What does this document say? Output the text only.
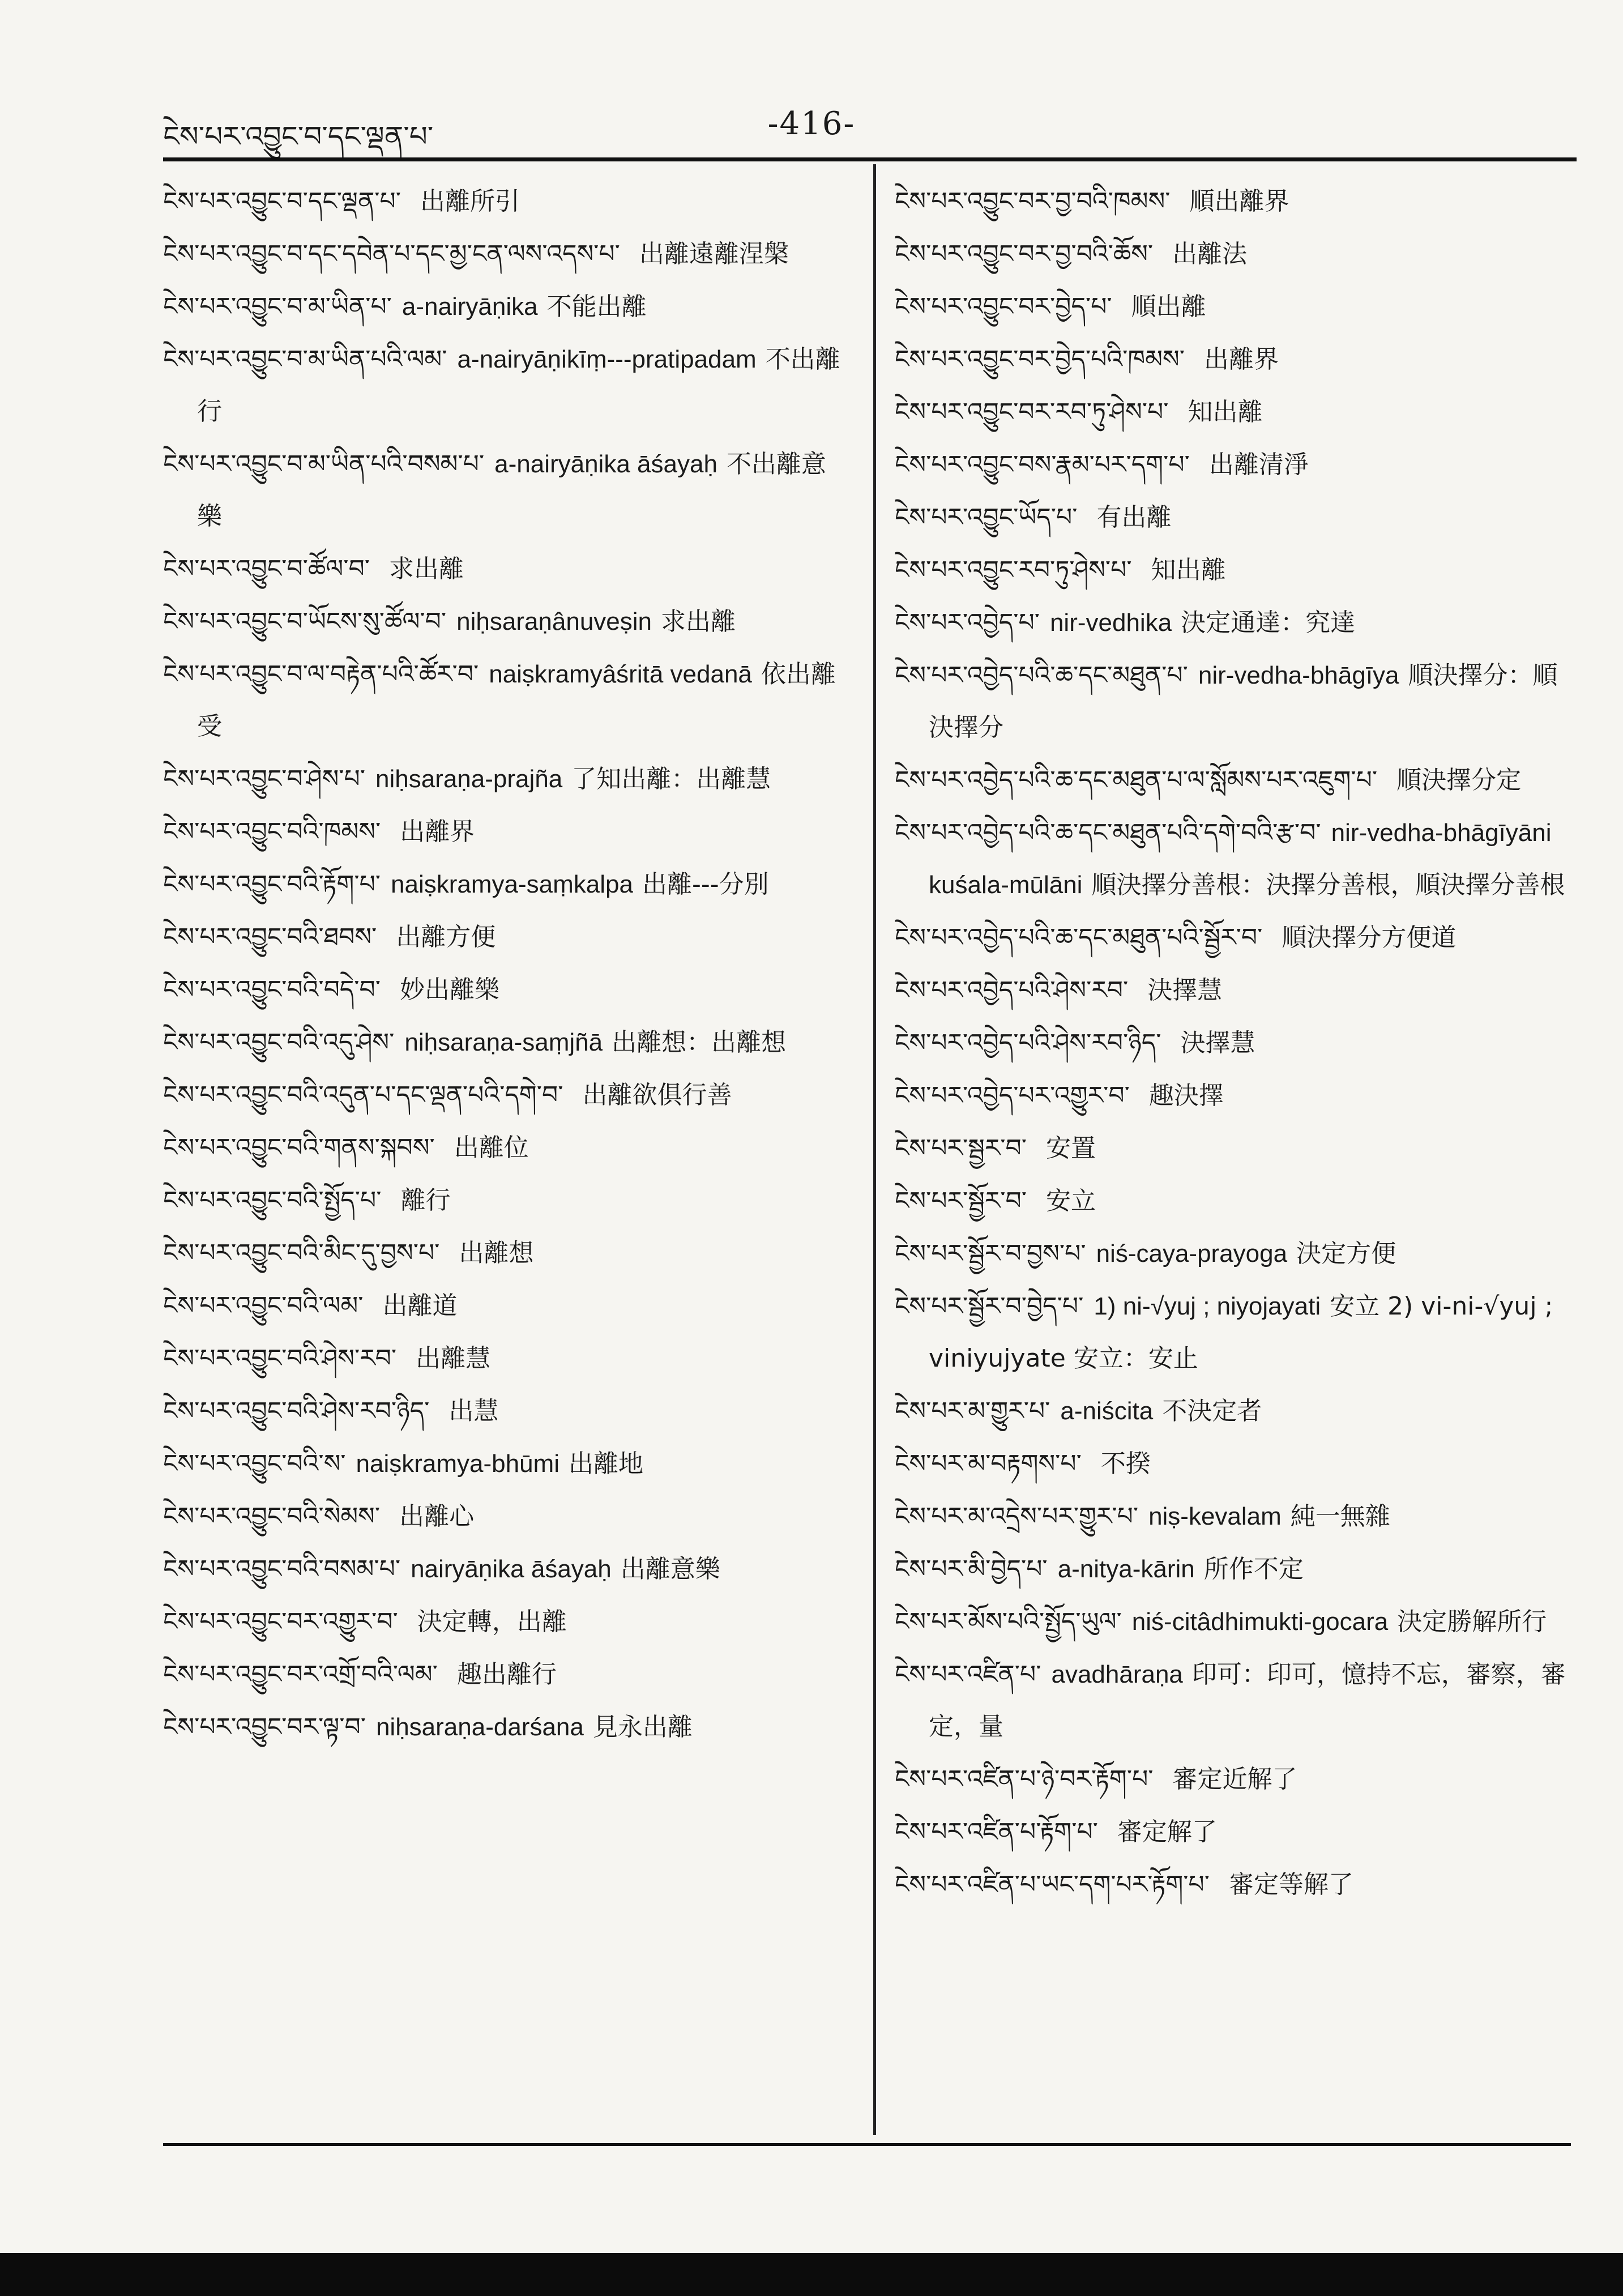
ངེས་པར་འབྱུང་བ་དང་ལྡན་པ་	-416-
ངེས་པར་འབྱུང་བ་དང་ལྡན་པ་ 出離所引
ངེས་པར་འབྱུང་བ་དང་དབེན་པ་དང་མྱ་ངན་ལས་འདས་པ་ 出離遠離涅槃
ངེས་པར་འབྱུང་བ་མ་ཡིན་པ་ a-nairyāṇika 不能出離
ངེས་པར་འབྱུང་བ་མ་ཡིན་པའི་ལམ་ a-nairyāṇikīṃ---pratipadam 不出離行
ངེས་པར་འབྱུང་བ་མ་ཡིན་པའི་བསམ་པ་ a-nairyāṇika āśayaḥ 不出離意樂
ངེས་པར་འབྱུང་བ་ཚོལ་བ་ 求出離
ངེས་པར་འབྱུང་བ་ཡོངས་སུ་ཚོལ་བ་ niḥsaraṇânuveṣin 求出離
ངེས་པར་འབྱུང་བ་ལ་བརྟེན་པའི་ཚོར་བ་ naiṣkramyâśritā vedanā 依出離受
ངེས་པར་འབྱུང་བ་ཤེས་པ་ niḥsaraṇa-prajña 了知出離：出離慧
ངེས་པར་འབྱུང་བའི་ཁམས་ 出離界
ངེས་པར་འབྱུང་བའི་རྟོག་པ་ naiṣkramya-saṃkalpa 出離---分別
ངེས་པར་འབྱུང་བའི་ཐབས་ 出離方便
ངེས་པར་འབྱུང་བའི་བདེ་བ་ 妙出離樂
ངེས་པར་འབྱུང་བའི་འདུ་ཤེས་ niḥsaraṇa-saṃjñā 出離想：出離想
ངེས་པར་འབྱུང་བའི་འདུན་པ་དང་ལྡན་པའི་དགེ་བ་ 出離欲俱行善
ངེས་པར་འབྱུང་བའི་གནས་སྐབས་ 出離位
ངེས་པར་འབྱུང་བའི་སྤྱོད་པ་ 離行
ངེས་པར་འབྱུང་བའི་མིང་དུ་བྱས་པ་ 出離想
ངེས་པར་འབྱུང་བའི་ལམ་ 出離道
ངེས་པར་འབྱུང་བའི་ཤེས་རབ་ 出離慧
ངེས་པར་འབྱུང་བའི་ཤེས་རབ་ཉིད་ 出慧
ངེས་པར་འབྱུང་བའི་ས་ naiṣkramya-bhūmi 出離地
ངེས་པར་འབྱུང་བའི་སེམས་ 出離心
ངེས་པར་འབྱུང་བའི་བསམ་པ་ nairyāṇika āśayaḥ 出離意樂
ངེས་པར་འབྱུང་བར་འགྱུར་བ་ 決定轉，出離
ངེས་པར་འབྱུང་བར་འགྲོ་བའི་ལམ་ 趣出離行
ངེས་པར་འབྱུང་བར་ལྟ་བ་ niḥsaraṇa-darśana 見永出離
ངེས་པར་འབྱུང་བར་བྱ་བའི་ཁམས་ 順出離界
ངེས་པར་འབྱུང་བར་བྱ་བའི་ཆོས་ 出離法
ངེས་པར་འབྱུང་བར་བྱེད་པ་ 順出離
ངེས་པར་འབྱུང་བར་བྱེད་པའི་ཁམས་ 出離界
ངེས་པར་འབྱུང་བར་རབ་ཏུ་ཤེས་པ་ 知出離
ངེས་པར་འབྱུང་བས་རྣམ་པར་དག་པ་ 出離清淨
ངེས་པར་འབྱུང་ཡོད་པ་ 有出離
ངེས་པར་འབྱུང་རབ་ཏུ་ཤེས་པ་ 知出離
ངེས་པར་འབྱེད་པ་ nir-vedhika 決定通達：究達
ངེས་པར་འབྱེད་པའི་ཆ་དང་མཐུན་པ་ nir-vedha-bhāgīya 順決擇分：順決擇分
ངེས་པར་འབྱེད་པའི་ཆ་དང་མཐུན་པ་ལ་སློམས་པར་འཇུག་པ་ 順決擇分定
ངེས་པར་འབྱེད་པའི་ཆ་དང་མཐུན་པའི་དགེ་བའི་རྩ་བ་ nir-vedha-bhāgīyāni kuśala-mūlāni 順決擇分善根：決擇分善根，順決擇分善根
ངེས་པར་འབྱེད་པའི་ཆ་དང་མཐུན་པའི་སྦྱོར་བ་ 順決擇分方便道
ངེས་པར་འབྱེད་པའི་ཤེས་རབ་ 決擇慧
ངེས་པར་འབྱེད་པའི་ཤེས་རབ་ཉིད་ 決擇慧
ངེས་པར་འབྱེད་པར་འགྱུར་བ་ 趣決擇
ངེས་པར་སྦྱར་བ་ 安置
ངེས་པར་སྦྱོར་བ་ 安立
ངེས་པར་སྦྱོར་བ་བྱས་པ་ niś-caya-prayoga 決定方便
ངེས་པར་སྦྱོར་བ་བྱེད་པ་ 1) ni-√yuj ; niyojayati 安立 2) vi-ni-√yuj ; viniyujyate 安立：安止
ངེས་པར་མ་གྱུར་པ་ a-niścita 不決定者
ངེས་པར་མ་བརྟགས་པ་ 不揆
ངེས་པར་མ་འདྲེས་པར་གྱུར་པ་ niṣ-kevalam 純一無雜
ངེས་པར་མི་བྱེད་པ་ a-nitya-kārin 所作不定
ངེས་པར་མོས་པའི་སྤྱོད་ཡུལ་ niś-citâdhimukti-gocara 決定勝解所行
ངེས་པར་འཛིན་པ་ avadhāraṇa 印可：印可，憶持不忘，審察，審定，量
ངེས་པར་འཛིན་པ་ཉེ་བར་རྟོག་པ་ 審定近解了
ངེས་པར་འཛིན་པ་རྟོག་པ་ 審定解了
ངེས་པར་འཛིན་པ་ཡང་དག་པར་རྟོག་པ་ 審定等解了
